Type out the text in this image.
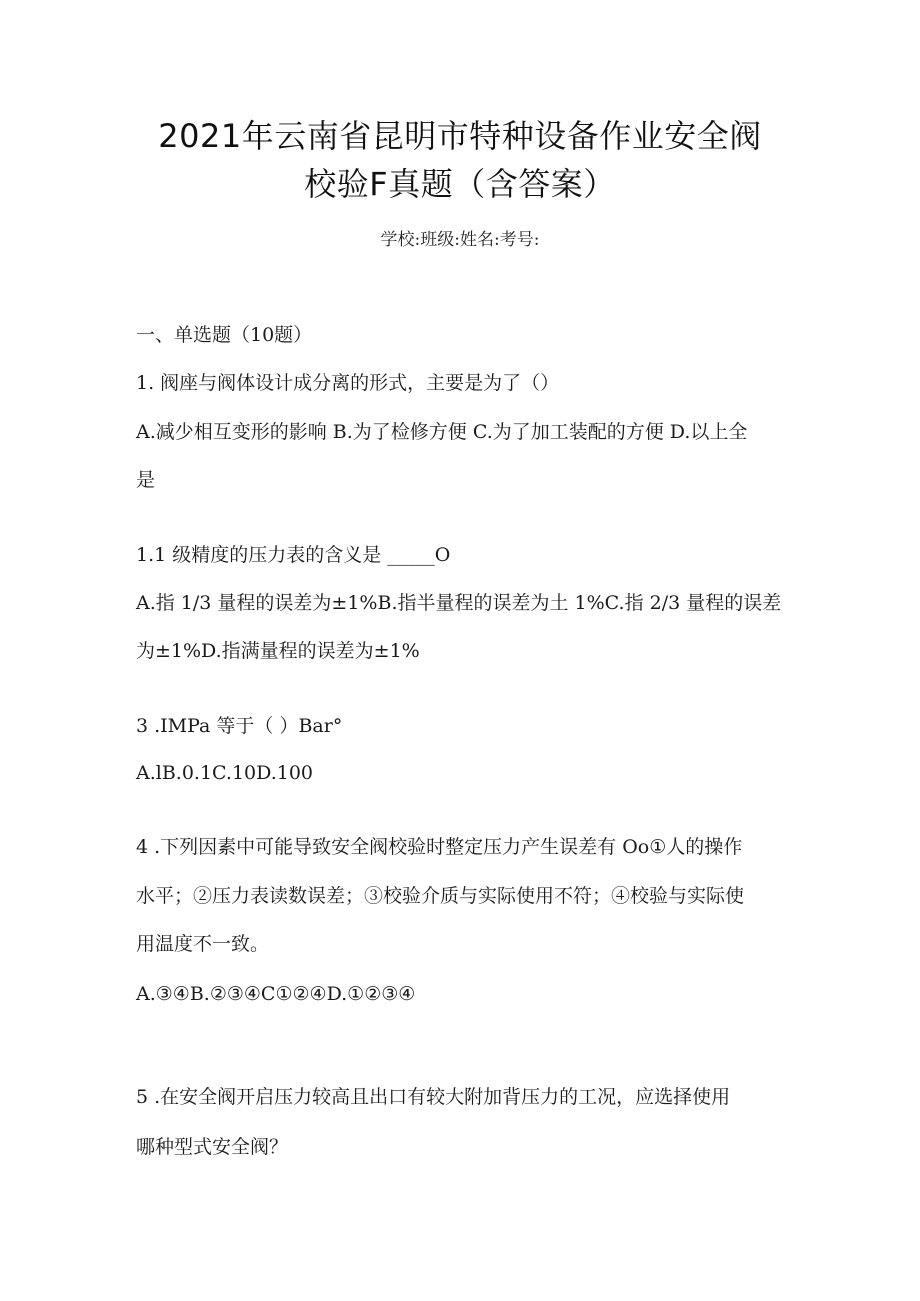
2021年云南省昆明市特种设备作业安全阀
校验F真题（含答案）
学校:班级:姓名:考号:
一、单选题（10题）
1. 阀座与阀体设计成分离的形式，主要是为了（）
A.减少相互变形的影响 B.为了检修方便 C.为了加工装配的方便 D.以上全
是
1.1 级精度的压力表的含义是 _____O
A.指 1/3 量程的误差为±1%B.指半量程的误差为土 1%C.指 2/3 量程的误差
为±1%D.指满量程的误差为±1%
3 .IMPa 等于（ ）Bar°
A.lB.0.1C.10D.100
4 .下列因素中可能导致安全阀校验时整定压力产生误差有 Oo①人的操作
水平；②压力表读数误差；③校验介质与实际使用不符；④校验与实际使
用温度不一致。
A.③④B.②③④C①②④D.①②③④
5 .在安全阀开启压力较高且出口有较大附加背压力的工况，应选择使用
哪种型式安全阀？
